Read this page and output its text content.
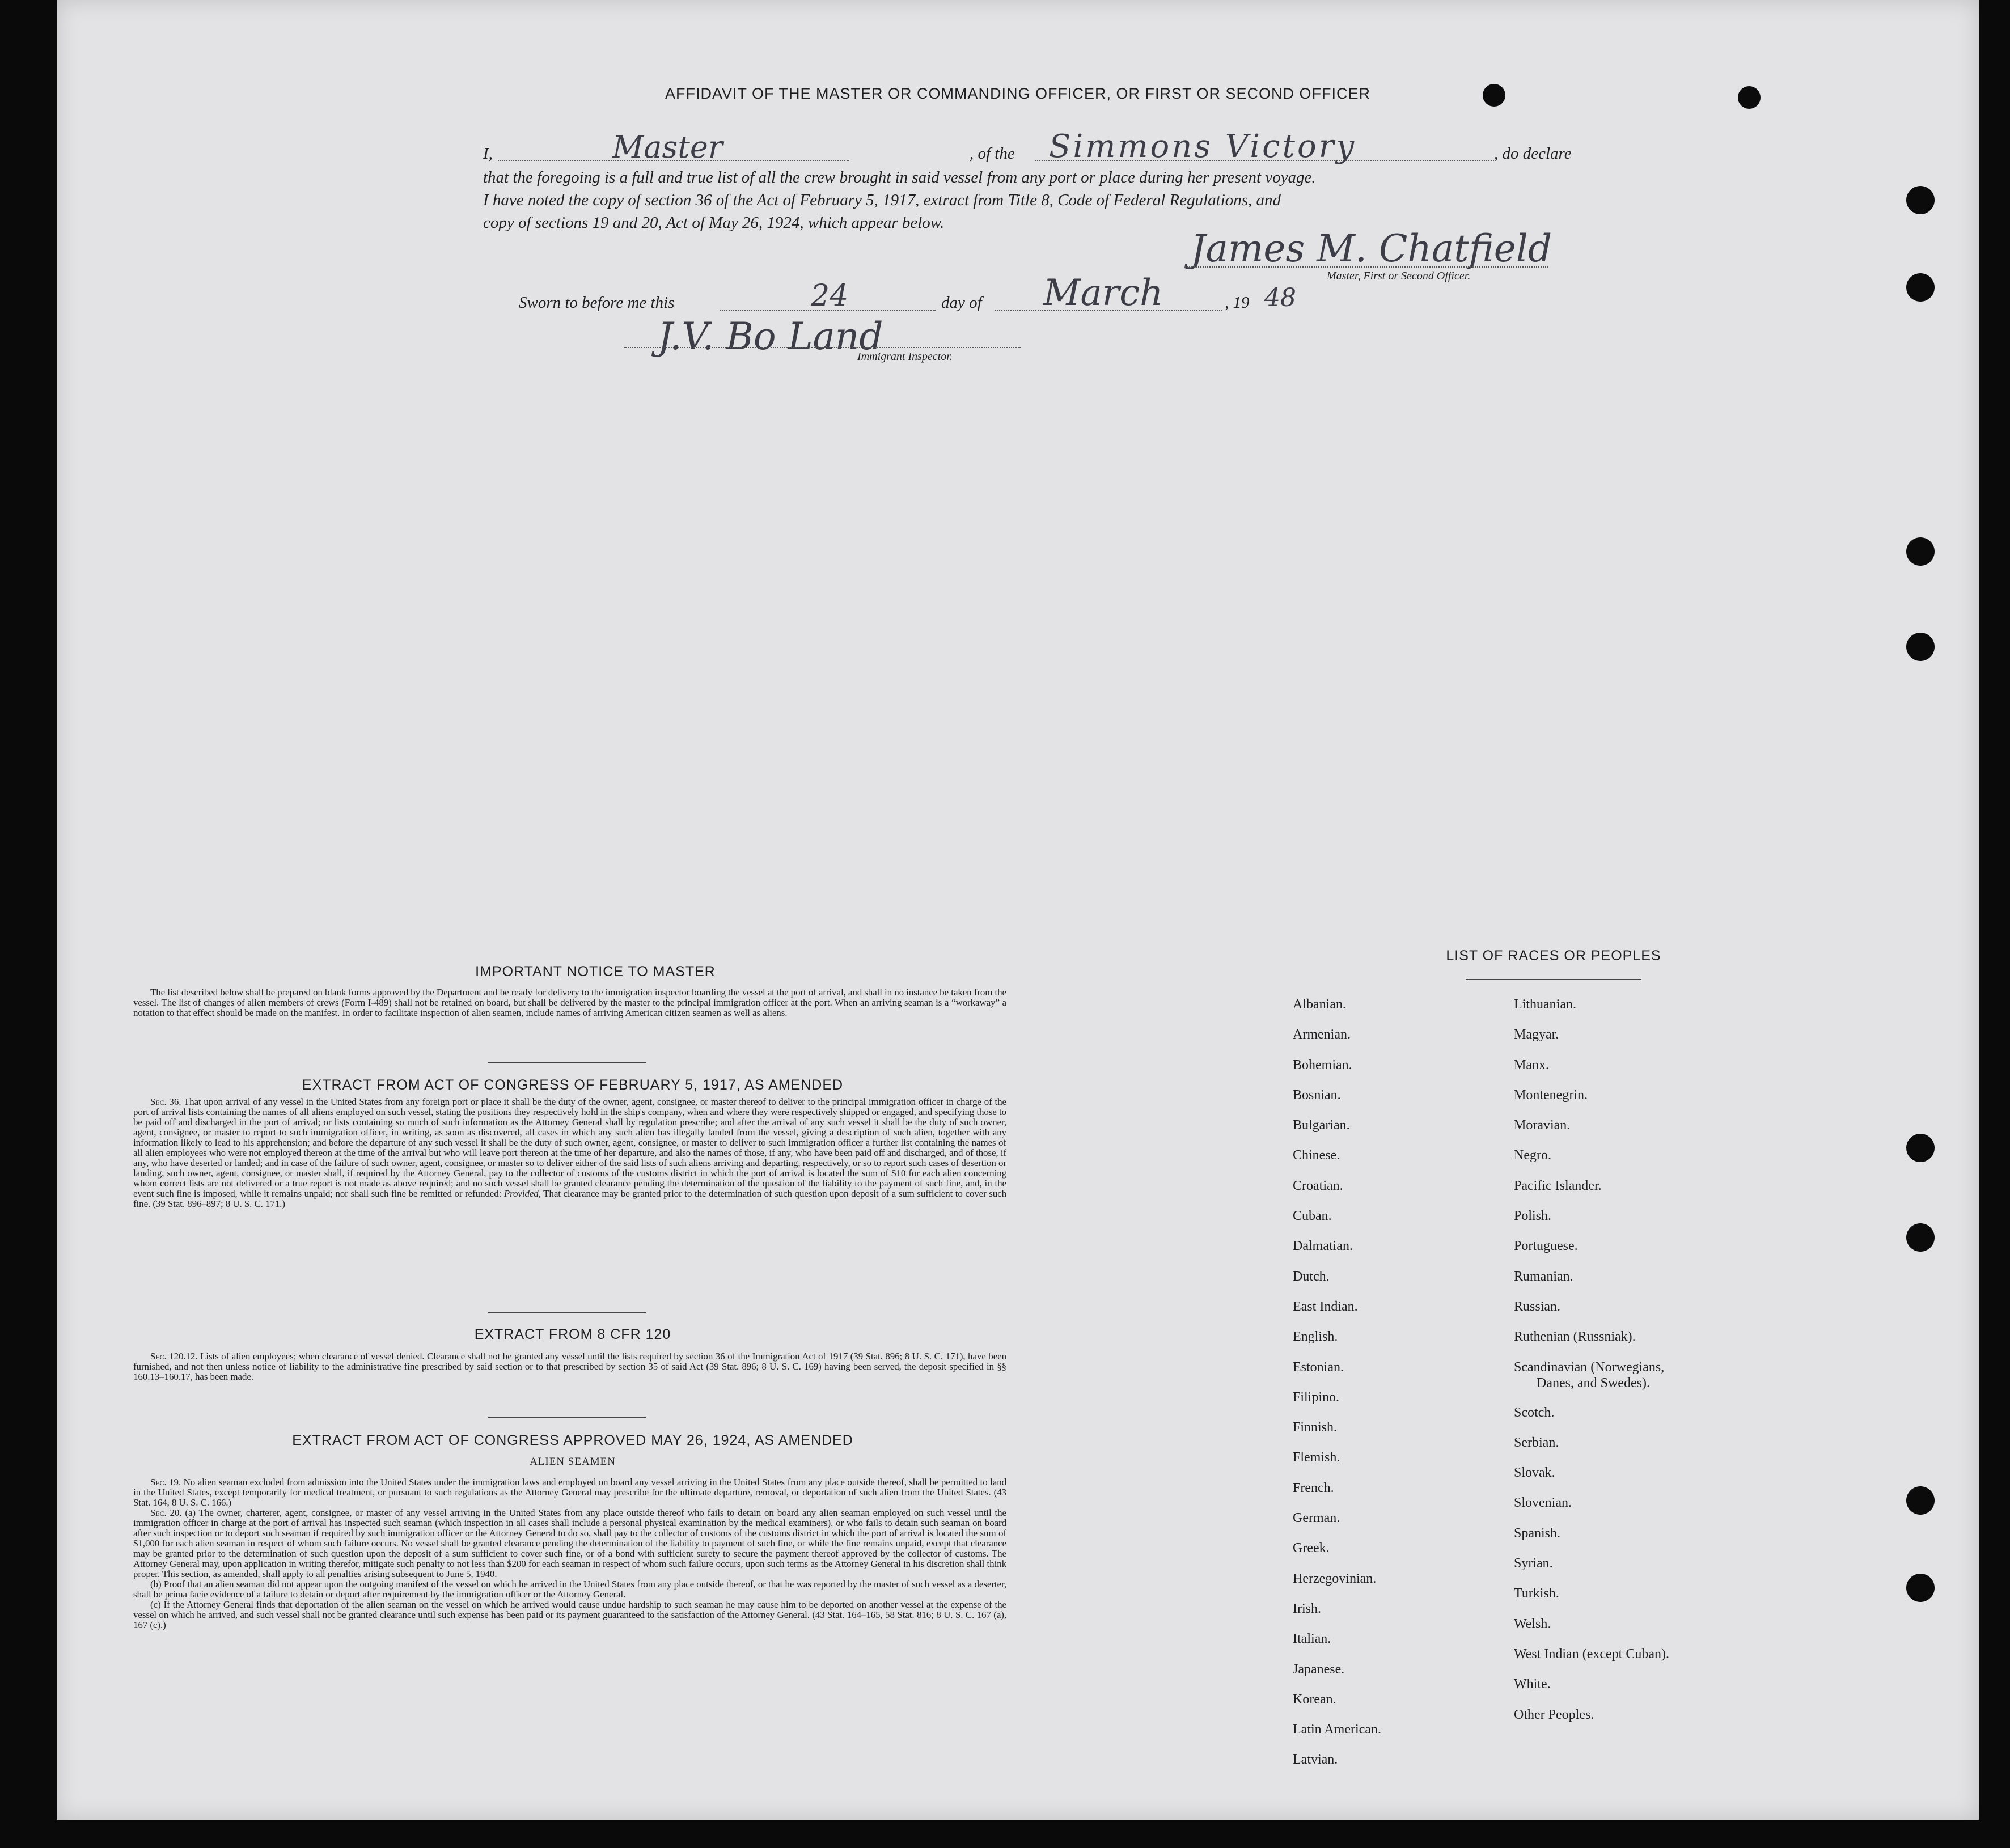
AFFIDAVIT OF THE MASTER OR COMMANDING OFFICER, OR FIRST OR SECOND OFFICER
I,	Master	, of the Simmons Victory	, do declare
that the foregoing is a full and true list of all the crew brought in said vessel from any port or place during her present voyage.
I have noted the copy of section 36 of the Act of February 5, 1917, extract from Title 8, Code of Federal Regulations, and
copy of sections 19 and 20, Act of May 26, 1924, which appear below.
James M. Chatfield
Master, First or Second Officer.
Sworn to before me this	24	day of March	, 19 48
J.V. Bo Land
Immigrant Inspector.
IMPORTANT NOTICE TO MASTER
The list described below shall be prepared on blank forms approved by the Department and be ready for delivery to the immigration inspector boarding the vessel at the port of arrival, and shall in no instance be taken from the vessel. The list of changes of alien members of crews (Form I-489) shall not be retained on board, but shall be delivered by the master to the principal immigration officer at the port. When an arriving seaman is a “workaway” a notation to that effect should be made on the manifest. In order to facilitate inspection of alien seamen, include names of arriving American citizen seamen as well as aliens.
EXTRACT FROM ACT OF CONGRESS OF FEBRUARY 5, 1917, AS AMENDED
Sec. 36. That upon arrival of any vessel in the United States from any foreign port or place it shall be the duty of the owner, agent, consignee, or master thereof to deliver to the principal immigration officer in charge of the port of arrival lists containing the names of all aliens employed on such vessel, stating the positions they respectively hold in the ship's company, when and where they were respectively shipped or engaged, and specifying those to be paid off and discharged in the port of arrival; or lists containing so much of such information as the Attorney General shall by regulation prescribe; and after the arrival of any such vessel it shall be the duty of such owner, agent, consignee, or master to report to such immigration officer, in writing, as soon as discovered, all cases in which any such alien has illegally landed from the vessel, giving a description of such alien, together with any information likely to lead to his apprehension; and before the departure of any such vessel it shall be the duty of such owner, agent, consignee, or master to deliver to such immigration officer a further list containing the names of all alien employees who were not employed thereon at the time of the arrival but who will leave port thereon at the time of her departure, and also the names of those, if any, who have been paid off and discharged, and of those, if any, who have deserted or landed; and in case of the failure of such owner, agent, consignee, or master so to deliver either of the said lists of such aliens arriving and departing, respectively, or so to report such cases of desertion or landing, such owner, agent, consignee, or master shall, if required by the Attorney General, pay to the collector of customs of the customs district in which the port of arrival is located the sum of $10 for each alien concerning whom correct lists are not delivered or a true report is not made as above required; and no such vessel shall be granted clearance pending the determination of the question of the liability to the payment of such fine, and, in the event such fine is imposed, while it remains unpaid; nor shall such fine be remitted or refunded: Provided, That clearance may be granted prior to the determination of such question upon deposit of a sum sufficient to cover such fine. (39 Stat. 896–897; 8 U. S. C. 171.)
EXTRACT FROM 8 CFR 120
Sec. 120.12. Lists of alien employees; when clearance of vessel denied. Clearance shall not be granted any vessel until the lists required by section 36 of the Immigration Act of 1917 (39 Stat. 896; 8 U. S. C. 171), have been furnished, and not then unless notice of liability to the administrative fine prescribed by said section or to that prescribed by section 35 of said Act (39 Stat. 896; 8 U. S. C. 169) having been served, the deposit specified in §§ 160.13–160.17, has been made.
EXTRACT FROM ACT OF CONGRESS APPROVED MAY 26, 1924, AS AMENDED
ALIEN SEAMEN
Sec. 19. No alien seaman excluded from admission into the United States under the immigration laws and employed on board any vessel arriving in the United States from any place outside thereof, shall be permitted to land in the United States, except temporarily for medical treatment, or pursuant to such regulations as the Attorney General may prescribe for the ultimate departure, removal, or deportation of such alien from the United States. (43 Stat. 164, 8 U. S. C. 166.)
Sec. 20. (a) The owner, charterer, agent, consignee, or master of any vessel arriving in the United States from any place outside thereof who fails to detain on board any alien seaman employed on such vessel until the immigration officer in charge at the port of arrival has inspected such seaman (which inspection in all cases shall include a personal physical examination by the medical examiners), or who fails to detain such seaman on board after such inspection or to deport such seaman if required by such immigration officer or the Attorney General to do so, shall pay to the collector of customs of the customs district in which the port of arrival is located the sum of $1,000 for each alien seaman in respect of whom such failure occurs. No vessel shall be granted clearance pending the determination of the liability to payment of such fine, or while the fine remains unpaid, except that clearance may be granted prior to the determination of such question upon the deposit of a sum sufficient to cover such fine, or of a bond with sufficient surety to secure the payment thereof approved by the collector of customs. The Attorney General may, upon application in writing therefor, mitigate such penalty to not less than $200 for each seaman in respect of whom such failure occurs, upon such terms as the Attorney General in his discretion shall think proper. This section, as amended, shall apply to all penalties arising subsequent to June 5, 1940.
(b) Proof that an alien seaman did not appear upon the outgoing manifest of the vessel on which he arrived in the United States from any place outside thereof, or that he was reported by the master of such vessel as a deserter, shall be prima facie evidence of a failure to detain or deport after requirement by the immigration officer or the Attorney General.
(c) If the Attorney General finds that deportation of the alien seaman on the vessel on which he arrived would cause undue hardship to such seaman he may cause him to be deported on another vessel at the expense of the vessel on which he arrived, and such vessel shall not be granted clearance until such expense has been paid or its payment guaranteed to the satisfaction of the Attorney General. (43 Stat. 164–165, 58 Stat. 816; 8 U. S. C. 167 (a), 167 (c).)
LIST OF RACES OR PEOPLES
Albanian.
Armenian.
Bohemian.
Bosnian.
Bulgarian.
Chinese.
Croatian.
Cuban.
Dalmatian.
Dutch.
East Indian.
English.
Estonian.
Filipino.
Finnish.
Flemish.
French.
German.
Greek.
Herzegovinian.
Irish.
Italian.
Japanese.
Korean.
Latin American.
Latvian.
Lithuanian.
Magyar.
Manx.
Montenegrin.
Moravian.
Negro.
Pacific Islander.
Polish.
Portuguese.
Rumanian.
Russian.
Ruthenian (Russniak).
Scandinavian (Norwegians,
Danes, and Swedes).
Scotch.
Serbian.
Slovak.
Slovenian.
Spanish.
Syrian.
Turkish.
Welsh.
West Indian (except Cuban).
White.
Other Peoples.
